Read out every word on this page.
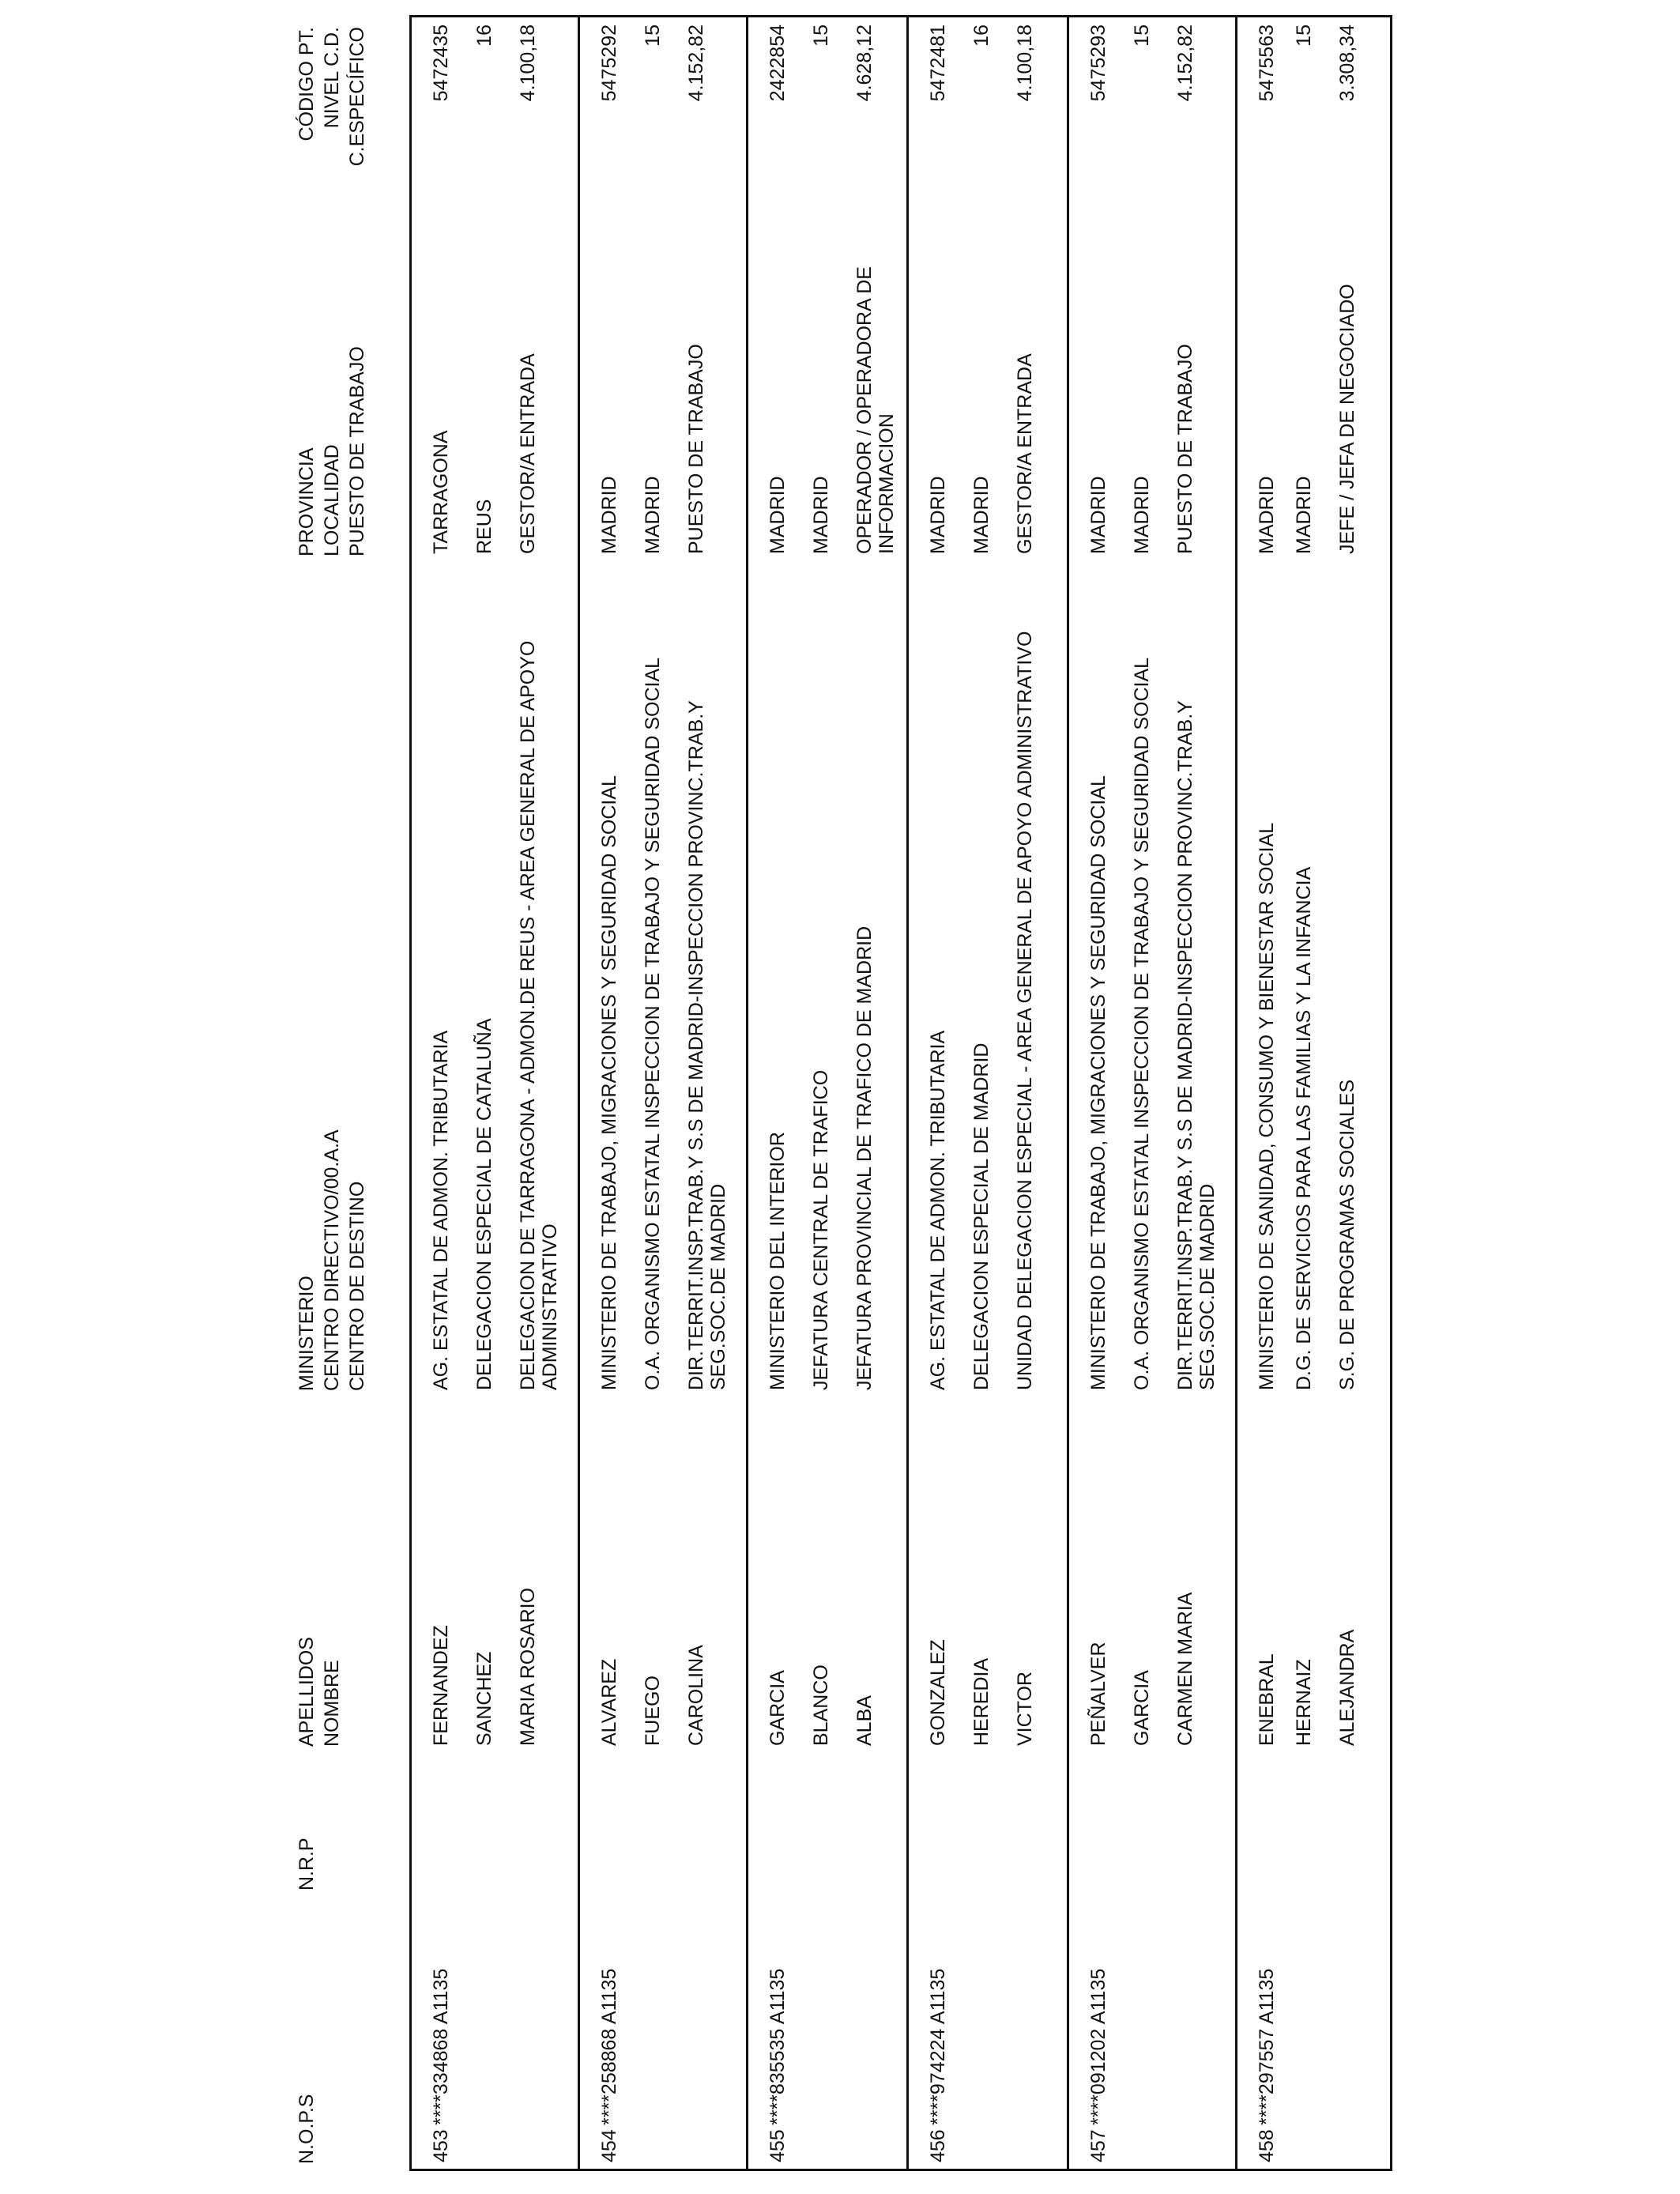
N.O.P.S
N.R.P
APELLIDOS NOMBRE
MINISTERIO CENTRO DIRECTIVO/00.A.A CENTRO DE DESTINO
PROVINCIA LOCALIDAD PUESTO DE TRABAJO
CÓDIGO PT. NIVEL C.D. C.ESPECÍFICO
453
****334868 A1135
FERNANDEZ SANCHEZ MARIA ROSARIO
AG. ESTATAL DE ADMON. TRIBUTARIA DELEGACION ESPECIAL DE CATALUÑA DELEGACION DE TARRAGONA - ADMON.DE REUS - AREA GENERAL DE APOYO ADMINISTRATIVO
TARRAGONA REUS GESTOR/A ENTRADA
5472435 16 4.100,18
454
****258868 A1135
ALVAREZ FUEGO CAROLINA
MINISTERIO DE TRABAJO, MIGRACIONES Y SEGURIDAD SOCIAL O.A. ORGANISMO ESTATAL INSPECCION DE TRABAJO Y SEGURIDAD SOCIAL DIR.TERRIT.INSP.TRAB.Y S.S DE MADRID-INSPECCION PROVINC.TRAB.Y SEG.SOC.DE MADRID
MADRID MADRID PUESTO DE TRABAJO
5475292 15 4.152,82
455
****835535 A1135
GARCIA BLANCO ALBA
MINISTERIO DEL INTERIOR JEFATURA CENTRAL DE TRAFICO JEFATURA PROVINCIAL DE TRAFICO DE MADRID
MADRID MADRID OPERADOR / OPERADORA DE INFORMACION
2422854 15 4.628,12
456
****974224 A1135
GONZALEZ HEREDIA VICTOR
AG. ESTATAL DE ADMON. TRIBUTARIA DELEGACION ESPECIAL DE MADRID UNIDAD DELEGACION ESPECIAL - AREA GENERAL DE APOYO ADMINISTRATIVO
MADRID MADRID GESTOR/A ENTRADA
5472481 16 4.100,18
457
****091202 A1135
PEÑALVER GARCIA CARMEN MARIA
MINISTERIO DE TRABAJO, MIGRACIONES Y SEGURIDAD SOCIAL O.A. ORGANISMO ESTATAL INSPECCION DE TRABAJO Y SEGURIDAD SOCIAL DIR.TERRIT.INSP.TRAB.Y S.S DE MADRID-INSPECCION PROVINC.TRAB.Y SEG.SOC.DE MADRID
MADRID MADRID PUESTO DE TRABAJO
5475293 15 4.152,82
458
****297557 A1135
ENEBRAL HERNAIZ ALEJANDRA
MINISTERIO DE SANIDAD, CONSUMO Y BIENESTAR SOCIAL D.G. DE SERVICIOS PARA LAS FAMILIAS Y LA INFANCIA S.G. DE PROGRAMAS SOCIALES
MADRID MADRID JEFE / JEFA DE NEGOCIADO
5475563 15 3.308,34
